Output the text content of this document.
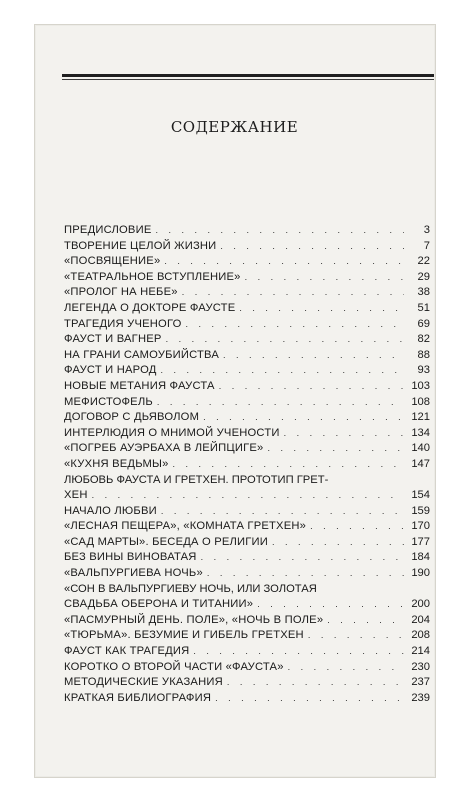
СОДЕРЖАНИЕ
ПРЕДИСЛОВИЕ . . .	3
ТВОРЕНИЕ ЦЕЛОЙ ЖИЗНИ . . .	7
«ПОСВЯЩЕНИЕ» . . .	22
«ТЕАТРАЛЬНОЕ ВСТУПЛЕНИЕ» . . .	29
«ПРОЛОГ НА НЕБЕ» . . .	38
ЛЕГЕНДА О ДОКТОРЕ ФАУСТЕ . . .	51
ТРАГЕДИЯ УЧЕНОГО . . .	69
ФАУСТ И ВАГНЕР . . .	82
НА ГРАНИ САМОУБИЙСТВА . . .	88
ФАУСТ И НАРОД . . .	93
НОВЫЕ МЕТАНИЯ ФАУСТА . . .	103
МЕФИСТОФЕЛЬ . . .	108
ДОГОВОР С ДЬЯВОЛОМ . . .	121
ИНТЕРЛЮДИЯ О МНИМОЙ УЧЕНОСТИ . . .	134
«ПОГРЕБ АУЭРБАХА В ЛЕЙПЦИГЕ» . . .	140
«КУХНЯ ВЕДЬМЫ» . . .	147
ЛЮБОВЬ ФАУСТА И ГРЕТХЕН. ПРОТОТИП ГРЕТ-
ХЕН . . .	154
НАЧАЛО ЛЮБВИ . . .	159
«ЛЕСНАЯ ПЕЩЕРА», «КОМНАТА ГРЕТХЕН» . . .	170
«САД МАРТЫ». БЕСЕДА О РЕЛИГИИ . . .	177
БЕЗ ВИНЫ ВИНОВАТАЯ . . .	184
«ВАЛЬПУРГИЕВА НОЧЬ» . . .	190
«СОН В ВАЛЬПУРГИЕВУ НОЧЬ, ИЛИ ЗОЛОТАЯ
СВАДЬБА ОБЕРОНА И ТИТАНИИ» . . .	200
«ПАСМУРНЫЙ ДЕНЬ. ПОЛЕ», «НОЧЬ В ПОЛЕ» . . .	204
«ТЮРЬМА». БЕЗУМИЕ И ГИБЕЛЬ ГРЕТХЕН . . .	208
ФАУСТ КАК ТРАГЕДИЯ . . .	214
КОРОТКО О ВТОРОЙ ЧАСТИ «ФАУСТА» . . .	230
МЕТОДИЧЕСКИЕ УКАЗАНИЯ . . .	237
КРАТКАЯ БИБЛИОГРАФИЯ . . .	239
